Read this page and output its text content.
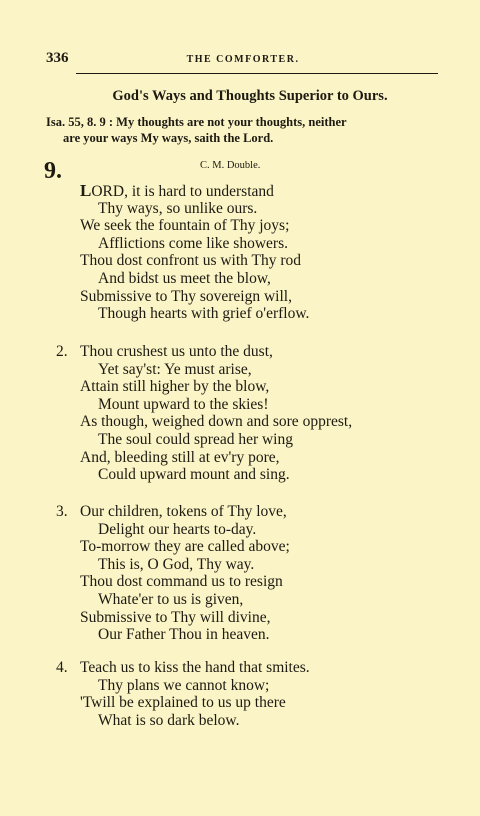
336	THE COMFORTER.
God's Ways and Thoughts Superior to Ours.
Isa. 55, 8. 9 : My thoughts are not your thoughts, neither
are your ways My ways, saith the Lord.
9.	C. M. Double.
LORD, it is hard to understand
Thy ways, so unlike ours.
We seek the fountain of Thy joys;
Afflictions come like showers.
Thou dost confront us with Thy rod
And bidst us meet the blow,
Submissive to Thy sovereign will,
Though hearts with grief o'erflow.
2. Thou crushest us unto the dust,
Yet say'st: Ye must arise,
Attain still higher by the blow,
Mount upward to the skies!
As though, weighed down and sore opprest,
The soul could spread her wing
And, bleeding still at ev'ry pore,
Could upward mount and sing.
3. Our children, tokens of Thy love,
Delight our hearts to-day.
To-morrow they are called above;
This is, O God, Thy way.
Thou dost command us to resign
Whate'er to us is given,
Submissive to Thy will divine,
Our Father Thou in heaven.
4. Teach us to kiss the hand that smites.
Thy plans we cannot know;
'Twill be explained to us up there
What is so dark below.
